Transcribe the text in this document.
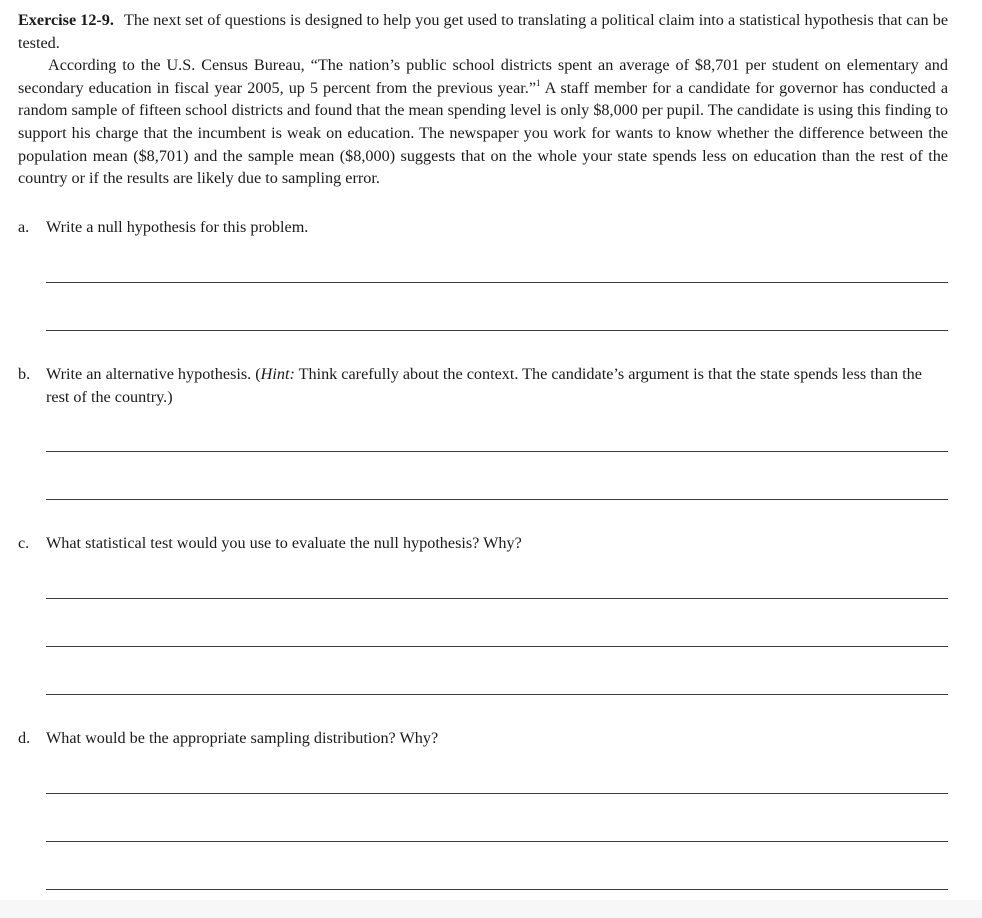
Exercise 12-9. The next set of questions is designed to help you get used to translating a political claim into a statistical hypothesis that can be tested.

According to the U.S. Census Bureau, “The nation’s public school districts spent an average of $8,701 per student on elementary and secondary education in fiscal year 2005, up 5 percent from the previous year.”$^1$ A staff member for a candidate for governor has conducted a random sample of fifteen school districts and found that the mean spending level is only $8,000 per pupil. The candidate is using this finding to support his charge that the incumbent is weak on education. The newspaper you work for wants to know whether the difference between the population mean ($8,701) and the sample mean ($8,000) suggests that on the whole your state spends less on education than the rest of the country or if the results are likely due to sampling error.

a.	Write a null hypothesis for this problem.
b. Write an alternative hypothesis. (Hint: Think carefully about the context. The candidate’s argument is that the state spends less than the rest of the country.)
c.	What statistical test would you use to evaluate the null hypothesis? Why?
d. What would be the appropriate sampling distribution? Why?
